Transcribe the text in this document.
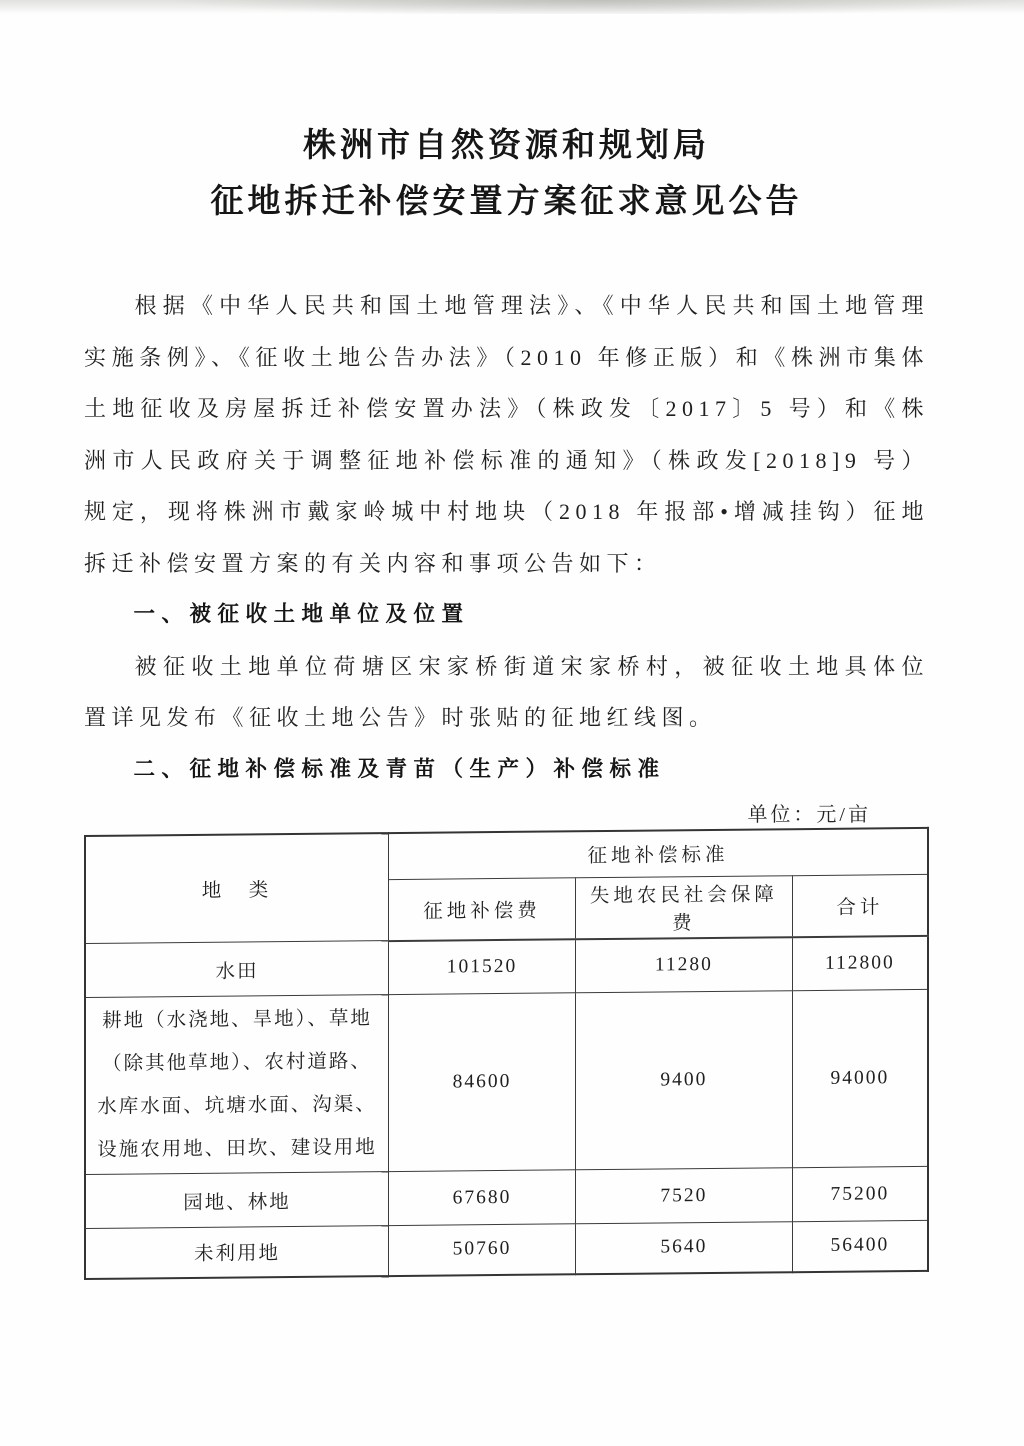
株洲市自然资源和规划局
征地拆迁补偿安置方案征求意见公告

根据《中华人民共和国土地管理法》、《中华人民共和国土地管理实施条例》、《征收土地公告办法》（2010 年修正版）和《株洲市集体土地征收及房屋拆迁补偿安置办法》（株政发〔2017〕5 号）和《株洲市人民政府关于调整征地补偿标准的通知》（株政发[2018]9 号）规定，现将株洲市戴家岭城中村地块（2018 年报部•增减挂钩）征地拆迁补偿安置方案的有关内容和事项公告如下：

一、被征收土地单位及位置

被征收土地单位荷塘区宋家桥街道宋家桥村，被征收土地具体位置详见发布《征收土地公告》时张贴的征地红线图。

二、征地补偿标准及青苗（生产）补偿标准
单位：元/亩
地　类	征地补偿标准		
	征地补偿费	失地农民社会保障费	合计
水田	101520	11280	112800
耕地（水浇地、旱地）、草地（除其他草地）、农村道路、水库水面、坑塘水面、沟渠、设施农用地、田坎、建设用地	84600	9400	94000
园地、林地	67680	7520	75200
未利用地	50760	5640	56400
